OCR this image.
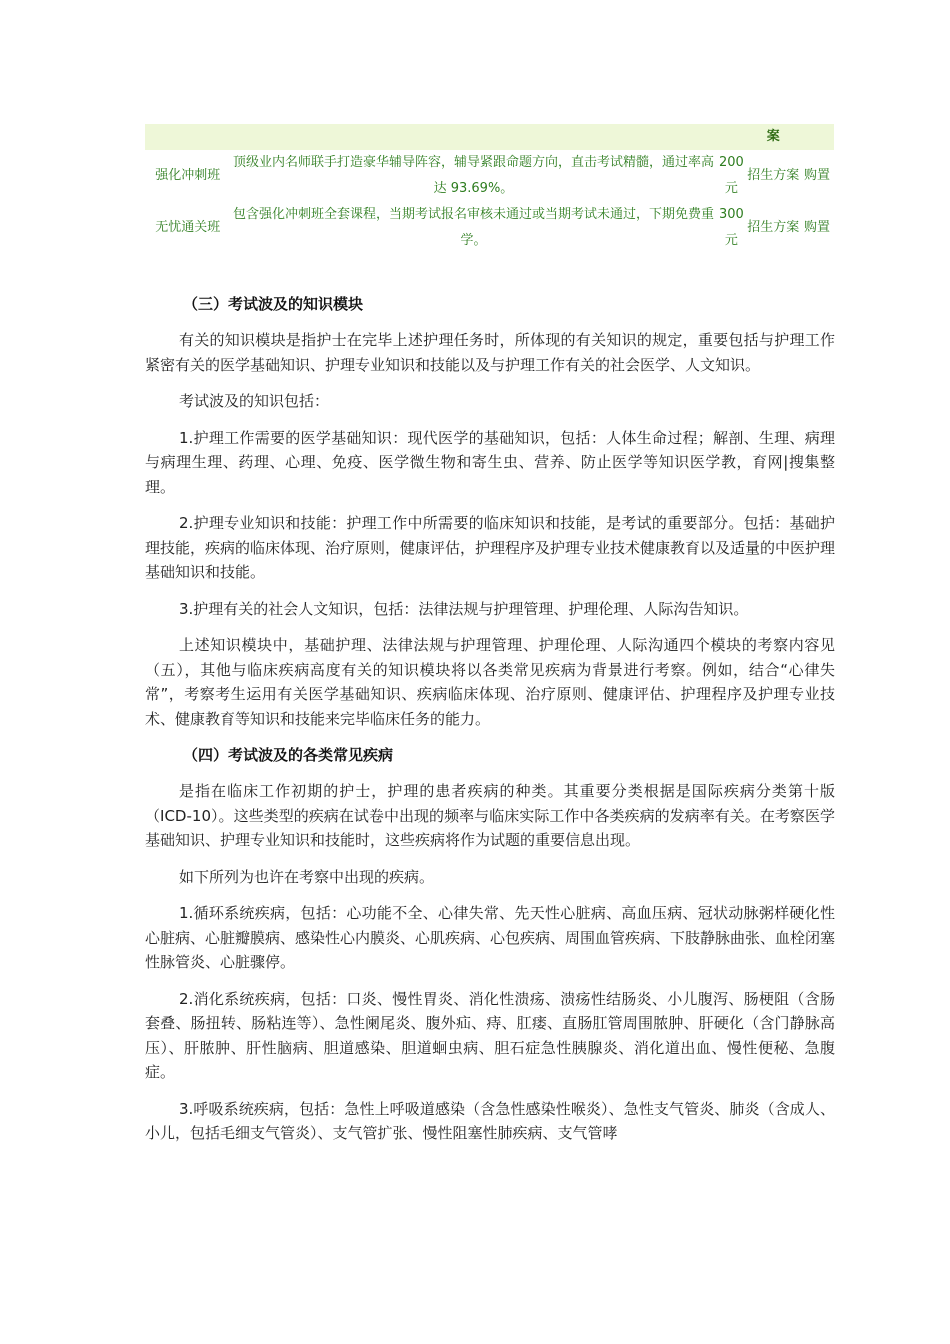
			案	
强化冲刺班	顶级业内名师联手打造豪华辅导阵容，辅导紧跟命题方向，直击考试精髓，通过率高达 93.69%。	200元	招生方案	购置
无忧通关班	包含强化冲刺班全套课程，当期考试报名审核未通过或当期考试未通过，下期免费重学。	300元	招生方案	购置
（三）考试波及的知识模块

有关的知识模块是指护士在完毕上述护理任务时，所体现的有关知识的规定，重要包括与护理工作紧密有关的医学基础知识、护理专业知识和技能以及与护理工作有关的社会医学、人文知识。

考试波及的知识包括：

1.护理工作需要的医学基础知识：现代医学的基础知识，包括：人体生命过程；解剖、生理、病理与病理生理、药理、心理、免疫、医学微生物和寄生虫、营养、防止医学等知识医学教，育网|搜集整理。

2.护理专业知识和技能：护理工作中所需要的临床知识和技能，是考试的重要部分。包括：基础护理技能，疾病的临床体现、治疗原则，健康评估，护理程序及护理专业技术健康教育以及适量的中医护理基础知识和技能。

3.护理有关的社会人文知识，包括：法律法规与护理管理、护理伦理、人际沟告知识。

上述知识模块中，基础护理、法律法规与护理管理、护理伦理、人际沟通四个模块的考察内容见（五），其他与临床疾病高度有关的知识模块将以各类常见疾病为背景进行考察。例如，结合“心律失常”，考察考生运用有关医学基础知识、疾病临床体现、治疗原则、健康评估、护理程序及护理专业技术、健康教育等知识和技能来完毕临床任务的能力。

（四）考试波及的各类常见疾病

是指在临床工作初期的护士，护理的患者疾病的种类。其重要分类根据是国际疾病分类第十版（ICD-10）。这些类型的疾病在试卷中出现的频率与临床实际工作中各类疾病的发病率有关。在考察医学基础知识、护理专业知识和技能时，这些疾病将作为试题的重要信息出现。

如下所列为也许在考察中出现的疾病。

1.循环系统疾病，包括：心功能不全、心律失常、先天性心脏病、高血压病、冠状动脉粥样硬化性心脏病、心脏瓣膜病、感染性心内膜炎、心肌疾病、心包疾病、周围血管疾病、下肢静脉曲张、血栓闭塞性脉管炎、心脏骤停。

2.消化系统疾病，包括：口炎、慢性胃炎、消化性溃疡、溃疡性结肠炎、小儿腹泻、肠梗阻（含肠套叠、肠扭转、肠粘连等）、急性阑尾炎、腹外疝、痔、肛瘘、直肠肛管周围脓肿、肝硬化（含门静脉高压）、肝脓肿、肝性脑病、胆道感染、胆道蛔虫病、胆石症急性胰腺炎、消化道出血、慢性便秘、急腹症。

3.呼吸系统疾病，包括：急性上呼吸道感染（含急性感染性喉炎）、急性支气管炎、肺炎（含成人、小儿，包括毛细支气管炎）、支气管扩张、慢性阻塞性肺疾病、支气管哮
